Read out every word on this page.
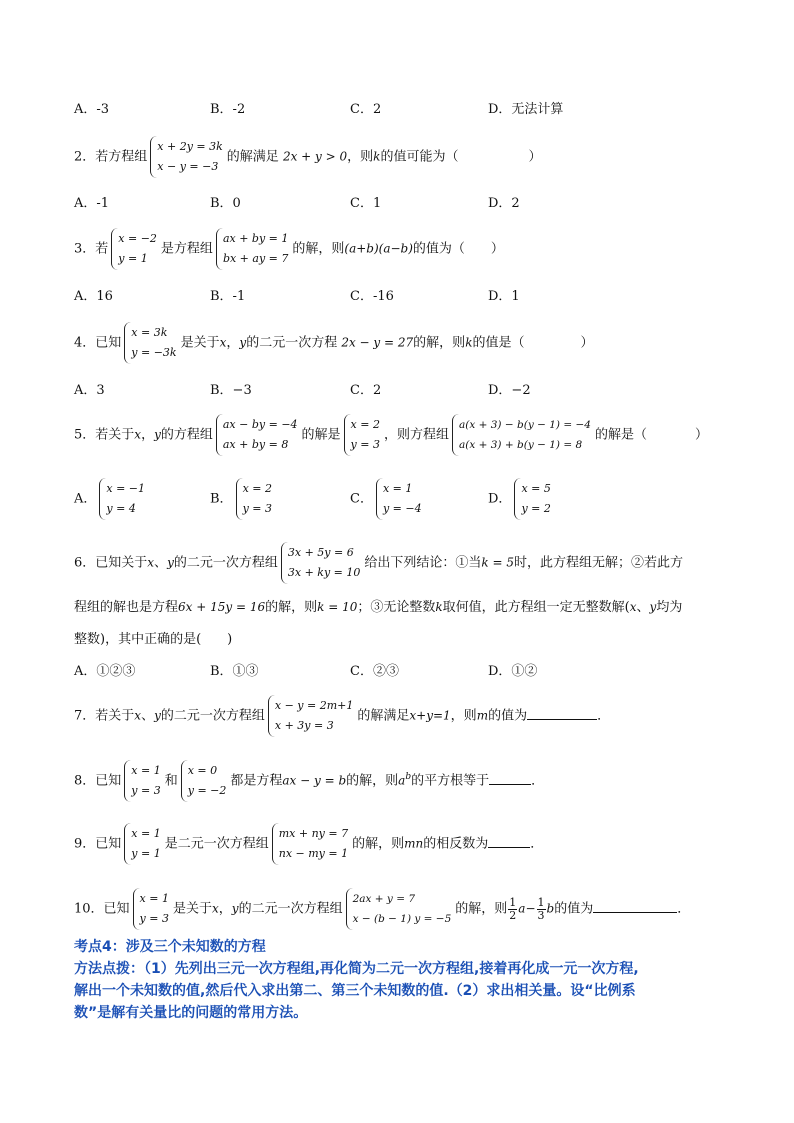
A．-3	B．-2	C．2	D．无法计算
2．若方程组
x + 2y = 3k
x − y = −3
的解满足 2x + y > 0，则k的值可能为（	）
A．-1	B．0	C．1	D．2
3．若
x = −2
y = 1
是方程组
ax + by = 1
bx + ay = 7
的解，则(a+b)(a−b)的值为（　　）
A．16	B．-1	C．-16	D．1
4．已知
x = 3k
y = −3k
是关于x，y的二元一次方程 2x − y = 27的解，则k的值是（	）
A．3	B．−3	C．2	D．−2
5．若关于x，y的方程组
ax − by = −4
ax + by = 8
的解是
x = 2
y = 3
，则方程组
a(x + 3) − b(y − 1) = −4
a(x + 3) + b(y − 1) = 8
的解是（	）
A．
x = −1
y = 4
B．
x = 2
y = 3
C．
x = 1
y = −4
D．
x = 5
y = 2
6．已知关于x、y的二元一次方程组
3x + 5y = 6
3x + ky = 10
给出下列结论：①当k = 5时，此方程组无解；②若此方
程组的解也是方程6x + 15y = 16的解，则k = 10；③无论整数k取何值，此方程组一定无整数解(x、y均为
整数)，其中正确的是(　　)
A．①②③	B．①③	C．②③	D．①②
7．若关于x、y的二元一次方程组
x − y = 2m+1
x + 3y = 3
的解满足x+y=1，则m的值为	．
8．已知
x = 1
y = 3
和
x = 0
y = −2
都是方程ax − y = b的解，则$a^b$的平方根等于	．
9．已知
x = 1
y = 1
是二元一次方程组
mx + ny = 7
nx − my = 1
的解，则mn的相反数为	．
10．已知
x = 1
y = 3
是关于x，y的二元一次方程组
2ax + y = 7
x − (b − 1) y = −5
的解，则 $\frac{1}{2} a- \frac{1}{3}$ b的值为	．
考点4：涉及三个未知数的方程
方法点拨：（1）先列出三元一次方程组,再化简为二元一次方程组,接着再化成一元一次方程,
解出一个未知数的值,然后代入求出第二、第三个未知数的值.（2）求出相关量。设“比例系
数”是解有关量比的问题的常用方法。
